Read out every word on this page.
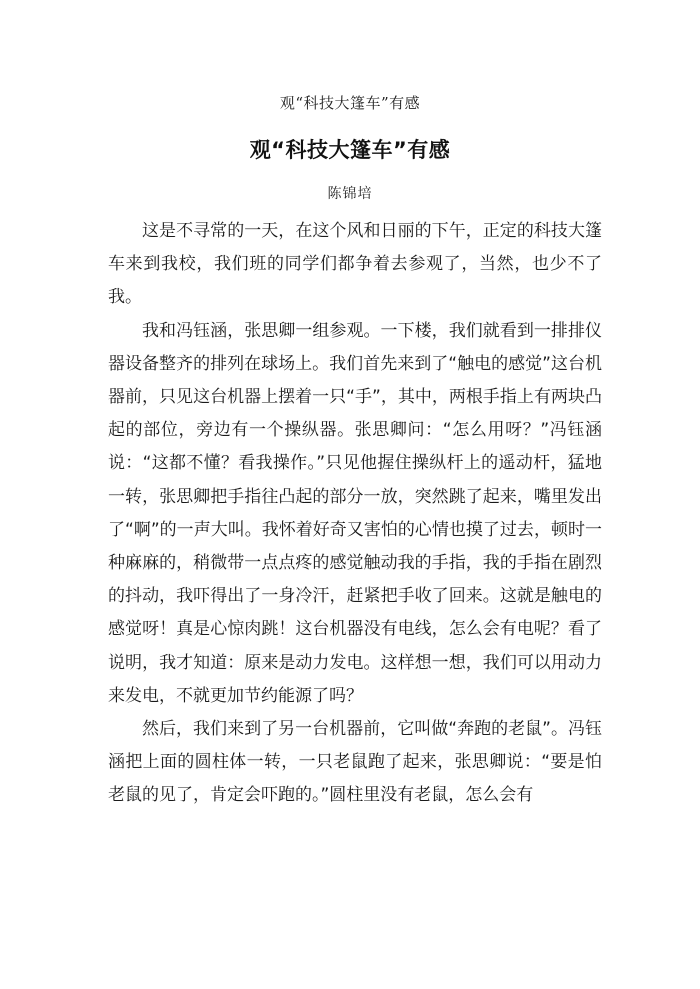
观“科技大篷车”有感
观“科技大篷车”有感
陈锦培

这是不寻常的一天，在这个风和日丽的下午，正定的科技大篷车来到我校，我们班的同学们都争着去参观了，当然，也少不了我。

我和冯钰涵，张思卿一组参观。一下楼，我们就看到一排排仪器设备整齐的排列在球场上。我们首先来到了“触电的感觉”这台机器前，只见这台机器上摆着一只“手”，其中，两根手指上有两块凸起的部位，旁边有一个操纵器。张思卿问：“怎么用呀？”冯钰涵说：“这都不懂？看我操作。”只见他握住操纵杆上的遥动杆，猛地一转，张思卿把手指往凸起的部分一放，突然跳了起来，嘴里发出了“啊”的一声大叫。我怀着好奇又害怕的心情也摸了过去，顿时一种麻麻的，稍微带一点点疼的感觉触动我的手指，我的手指在剧烈的抖动，我吓得出了一身冷汗，赶紧把手收了回来。这就是触电的感觉呀！真是心惊肉跳！这台机器没有电线，怎么会有电呢？看了说明，我才知道：原来是动力发电。这样想一想，我们可以用动力来发电，不就更加节约能源了吗？

然后，我们来到了另一台机器前，它叫做“奔跑的老鼠”。冯钰涵把上面的圆柱体一转，一只老鼠跑了起来，张思卿说：“要是怕老鼠的见了，肯定会吓跑的。”圆柱里没有老鼠，怎么会有
